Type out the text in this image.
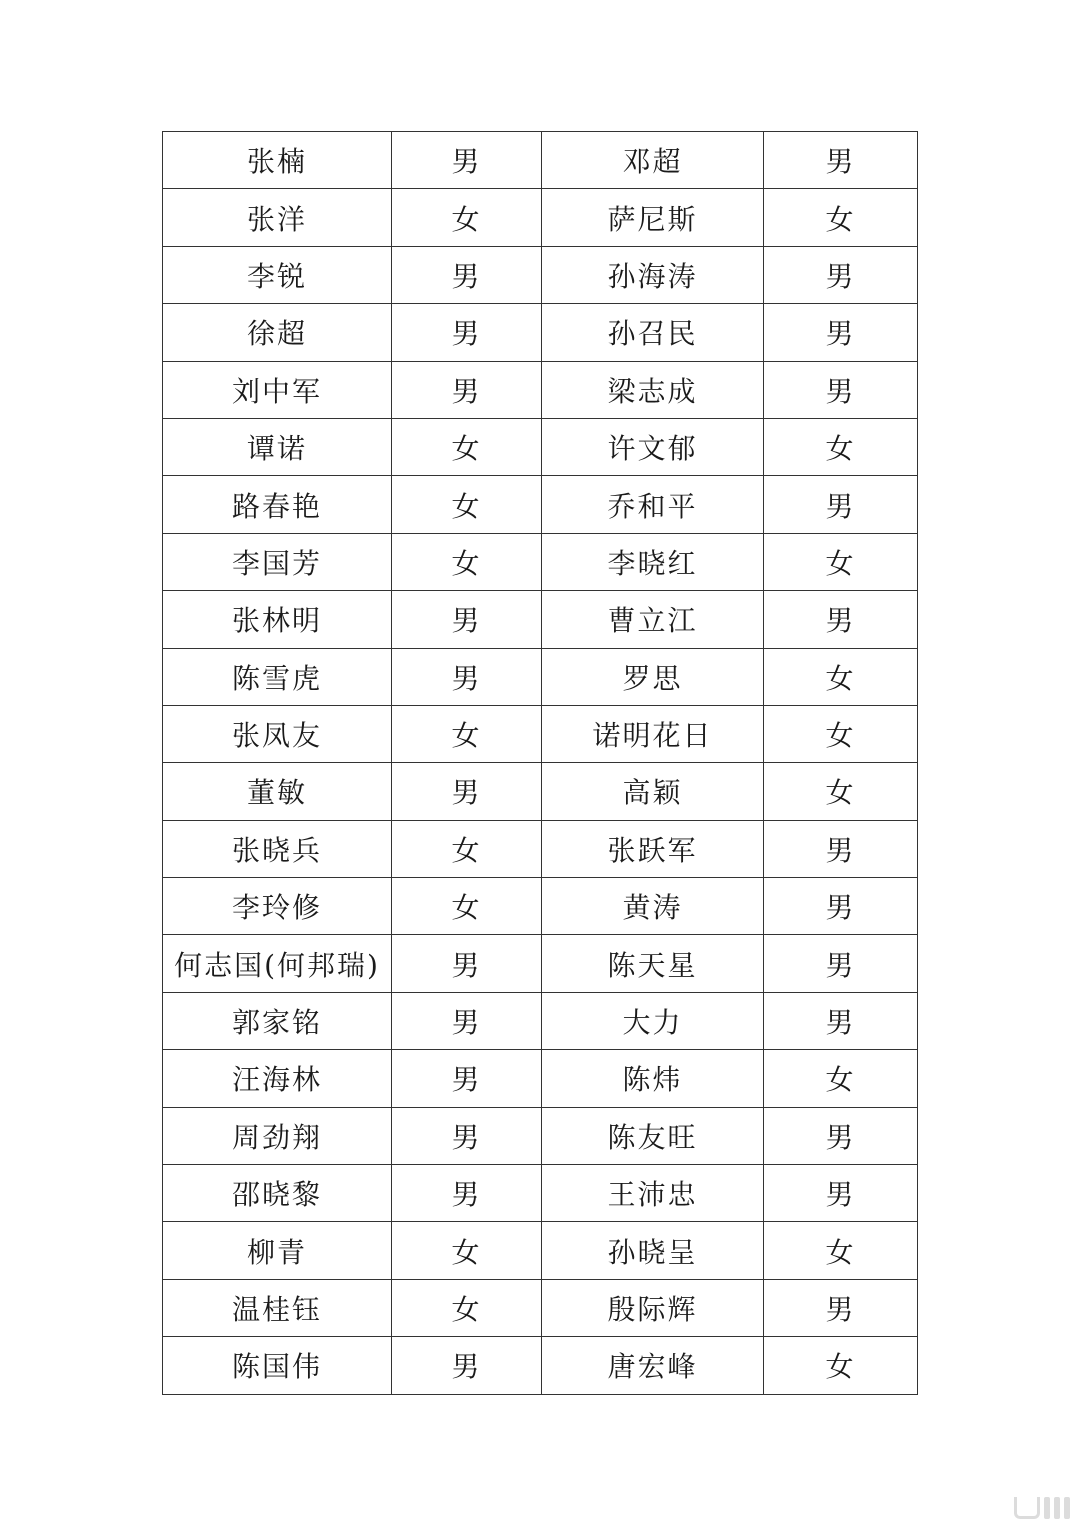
张楠	男	邓超	男
张洋	女	萨尼斯	女
李锐	男	孙海涛	男
徐超	男	孙召民	男
刘中军	男	梁志成	男
谭诺	女	许文郁	女
路春艳	女	乔和平	男
李国芳	女	李晓红	女
张林明	男	曹立江	男
陈雪虎	男	罗思	女
张凤友	女	诺明花日	女
董敏	男	高颖	女
张晓兵	女	张跃军	男
李玲修	女	黄涛	男
何志国(何邦瑞)	男	陈天星	男
郭家铭	男	大力	男
汪海林	男	陈炜	女
周劲翔	男	陈友旺	男
邵晓黎	男	王沛忠	男
柳青	女	孙晓呈	女
温桂钰	女	殷际辉	男
陈国伟	男	唐宏峰	女
